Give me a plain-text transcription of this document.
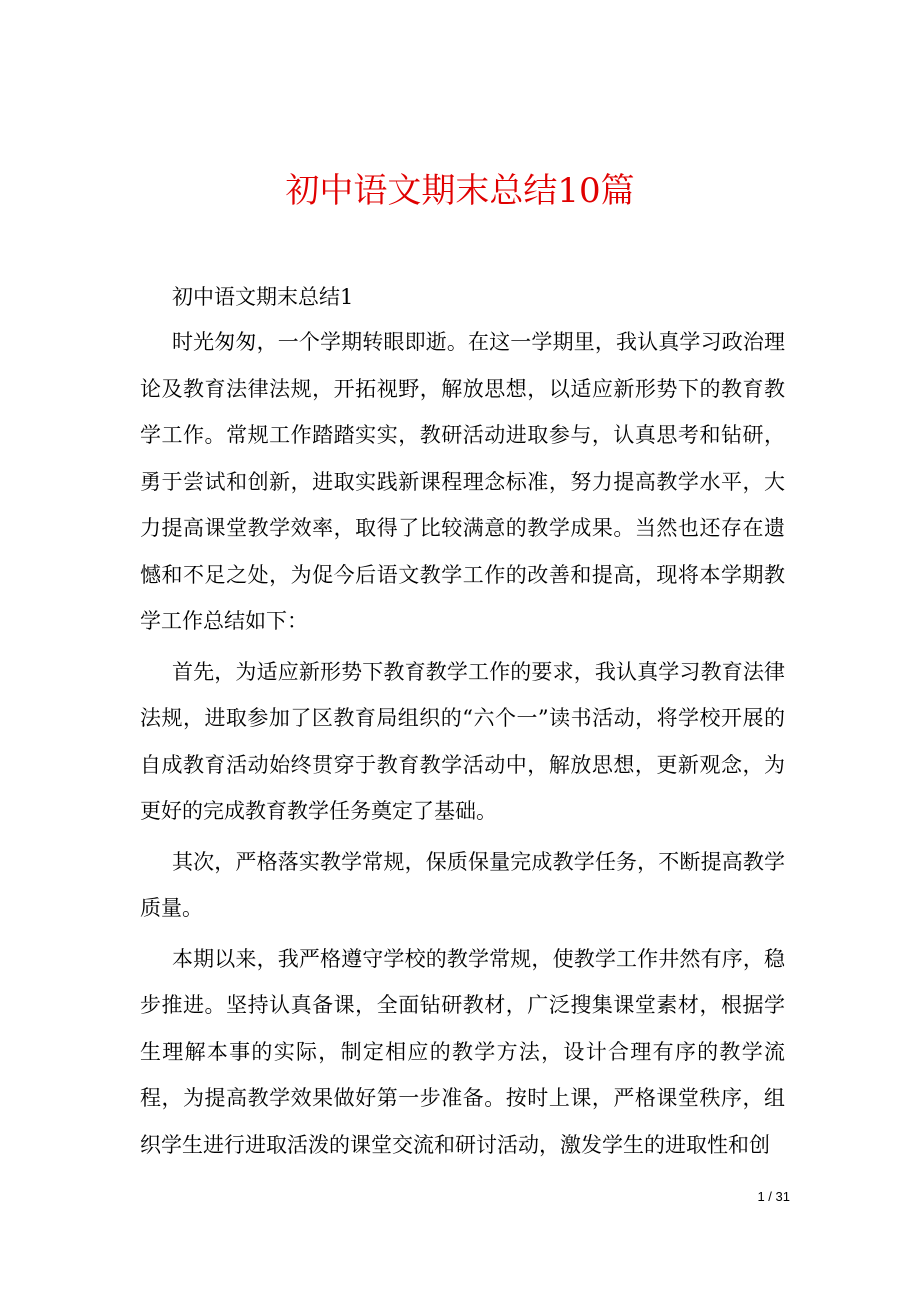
初中语文期末总结10篇

初中语文期末总结1

时光匆匆，一个学期转眼即逝。在这一学期里，我认真学习政治理论及教育法律法规，开拓视野，解放思想，以适应新形势下的教育教学工作。常规工作踏踏实实，教研活动进取参与，认真思考和钻研，勇于尝试和创新，进取实践新课程理念标准，努力提高教学水平，大力提高课堂教学效率，取得了比较满意的教学成果。当然也还存在遗憾和不足之处，为促今后语文教学工作的改善和提高，现将本学期教学工作总结如下：

首先，为适应新形势下教育教学工作的要求，我认真学习教育法律法规，进取参加了区教育局组织的“六个一”读书活动，将学校开展的自成教育活动始终贯穿于教育教学活动中，解放思想，更新观念，为更好的完成教育教学任务奠定了基础。

其次，严格落实教学常规，保质保量完成教学任务，不断提高教学质量。

本期以来，我严格遵守学校的教学常规，使教学工作井然有序，稳步推进。坚持认真备课，全面钻研教材，广泛搜集课堂素材，根据学生理解本事的实际，制定相应的教学方法，设计合理有序的教学流程，为提高教学效果做好第一步准备。按时上课，严格课堂秩序，组织学生进行进取活泼的课堂交流和研讨活动，激发学生的进取性和创

1 / 31
